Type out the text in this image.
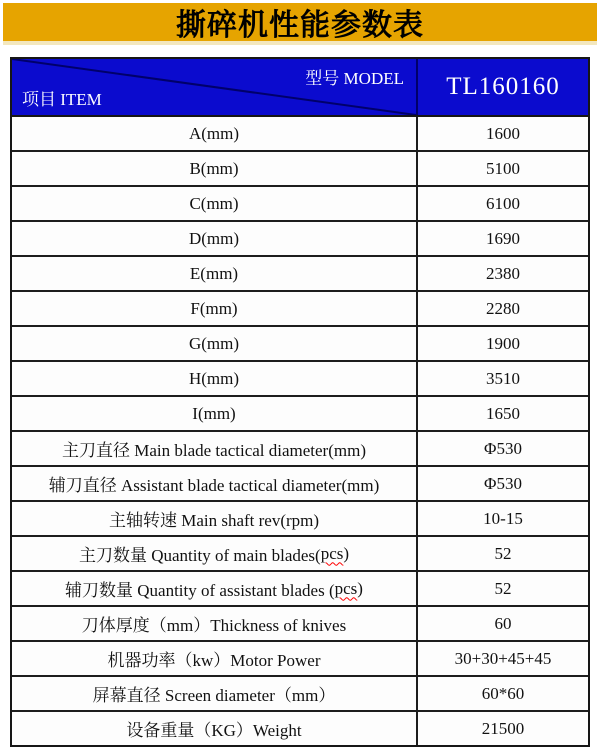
撕碎机性能参数表
型号 MODEL
项目 ITEM	TL160160
A(mm)	1600
B(mm)	5100
C(mm)	6100
D(mm)	1690
E(mm)	2380
F(mm)	2280
G(mm)	1900
H(mm)	3510
I(mm)	1650
主刀直径 Main blade tactical diameter(mm)	Φ530
辅刀直径 Assistant blade tactical diameter(mm)	Φ530
主轴转速 Main shaft rev(rpm)	10-15
主刀数量 Quantity of main blades( pcs )	52
辅刀数量 Quantity of assistant blades ( pcs )	52
刀体厚度（mm）Thickness of knives	60
机器功率（kw）Motor Power	30+30+45+45
屏幕直径 Screen diameter（mm）	60*60
设备重量（KG）Weight	21500
